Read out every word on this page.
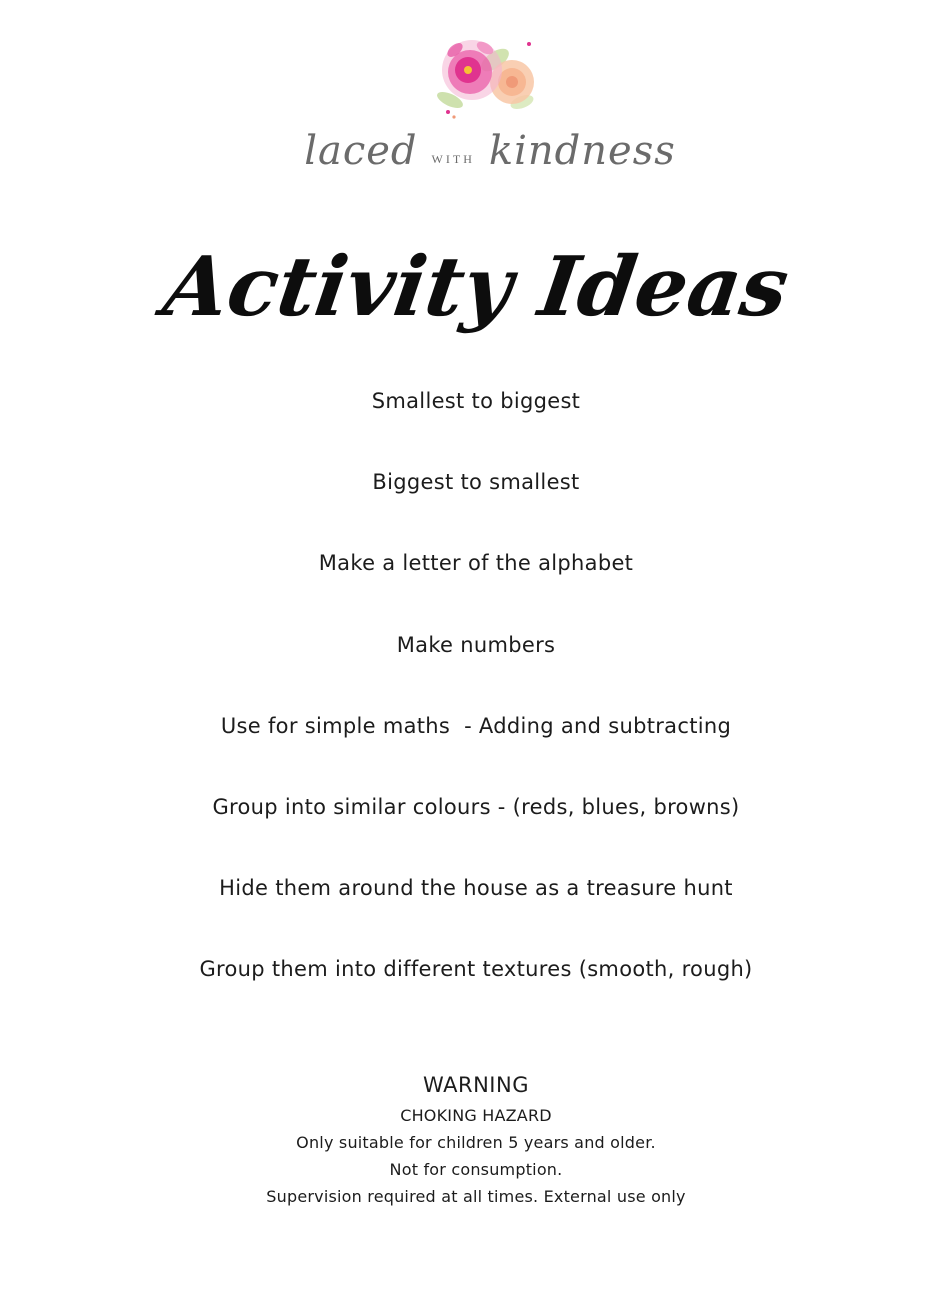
laced WITH kindness
Activity Ideas
Smallest to biggest
Biggest to smallest
Make a letter of the alphabet
Make numbers
Use for simple maths  - Adding and subtracting
Group into similar colours - (reds, blues, browns)
Hide them around the house as a treasure hunt
Group them into different textures (smooth, rough)
WARNING
CHOKING HAZARD
Only suitable for children 5 years and older.
Not for consumption.
Supervision required at all times. External use only
